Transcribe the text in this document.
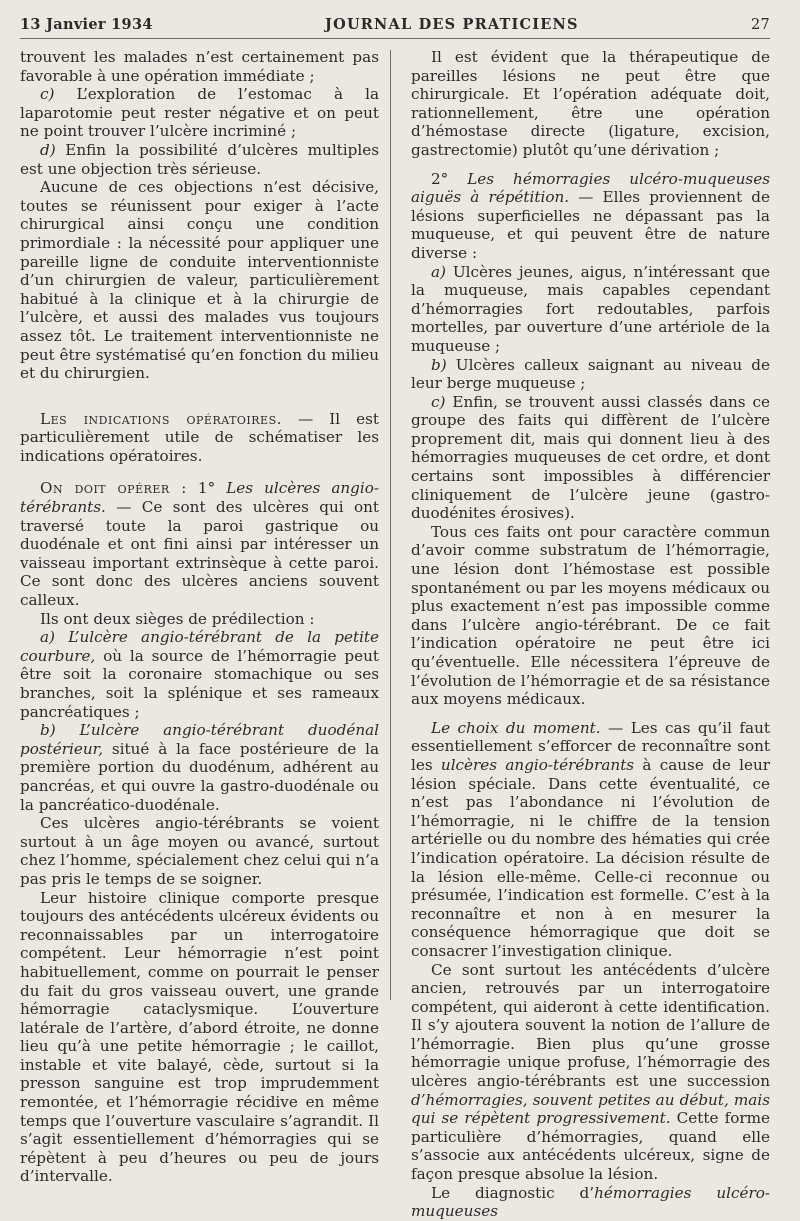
13 Janvier 1934	JOURNAL DES PRATICIENS	27

trouvent les malades n’est certainement pas favorable à une opération immédiate ;

c) L’exploration de l’estomac à la laparotomie peut rester négative et on peut ne point trouver l’ulcère incriminé ;

d) Enfin la possibilité d’ulcères multiples est une objection très sérieuse.

Aucune de ces objections n’est décisive, toutes se réunissent pour exiger à l’acte chirurgical ainsi conçu une condition primordiale : la nécessité pour appliquer une pareille ligne de conduite interventionniste d’un chirurgien de valeur, particulièrement habitué à la clinique et à la chirurgie de l’ulcère, et aussi des malades vus toujours assez tôt. Le traitement interventionniste ne peut être systématisé qu’en fonction du milieu et du chirurgien.

Les indications opératoires. — Il est particulièrement utile de schématiser les indications opératoires.

On doit opérer : 1° Les ulcères angio-térébrants. — Ce sont des ulcères qui ont traversé toute la paroi gastrique ou duodénale et ont fini ainsi par intéresser un vaisseau important extrinsèque à cette paroi. Ce sont donc des ulcères anciens souvent calleux.

Ils ont deux sièges de prédilection :

a) L’ulcère angio-térébrant de la petite courbure, où la source de l’hémorragie peut être soit la coronaire stomachique ou ses branches, soit la splénique et ses rameaux pancréatiques ;

b) L’ulcère angio-térébrant duodénal postérieur, situé à la face postérieure de la première portion du duodénum, adhérent au pancréas, et qui ouvre la gastro-duodénale ou la pancréatico-duodénale.

Ces ulcères angio-térébrants se voient surtout à un âge moyen ou avancé, surtout chez l’homme, spécialement chez celui qui n’a pas pris le temps de se soigner.

Leur histoire clinique comporte presque toujours des antécédents ulcéreux évidents ou reconnaissables par un interrogatoire compétent. Leur hémorragie n’est point habituellement, comme on pourrait le penser du fait du gros vaisseau ouvert, une grande hémorragie cataclysmique. L’ouverture latérale de l’artère, d’abord étroite, ne donne lieu qu’à une petite hémorragie ; le caillot, instable et vite balayé, cède, surtout si la presson sanguine est trop imprudemment remontée, et l’hémorragie récidive en même temps que l’ouverture vasculaire s’agrandit. Il s’agit essentiellement d’hémorragies qui se répètent à peu d’heures ou peu de jours d’intervalle.

Il est évident que la thérapeutique de pareilles lésions ne peut être que chirurgicale. Et l’opération adéquate doit, rationnellement, être une opération d’hémostase directe (ligature, excision, gastrectomie) plutôt qu’une dérivation ;

2° Les hémorragies ulcéro-muqueuses aiguës à répétition. — Elles proviennent de lésions superficielles ne dépassant pas la muqueuse, et qui peuvent être de nature diverse :

a) Ulcères jeunes, aigus, n’intéressant que la muqueuse, mais capables cependant d’hémorragies fort redoutables, parfois mortelles, par ouverture d’une artériole de la muqueuse ;

b) Ulcères calleux saignant au niveau de leur berge muqueuse ;

c) Enfin, se trouvent aussi classés dans ce groupe des faits qui diffèrent de l’ulcère proprement dit, mais qui donnent lieu à des hémorragies muqueuses de cet ordre, et dont certains sont impossibles à différencier cliniquement de l’ulcère jeune (gastro-duodénites érosives).

Tous ces faits ont pour caractère commun d’avoir comme substratum de l’hémorragie, une lésion dont l’hémostase est possible spontanément ou par les moyens médicaux ou plus exactement n’est pas impossible comme dans l’ulcère angio-térébrant. De ce fait l’indication opératoire ne peut être ici qu’éventuelle. Elle nécessitera l’épreuve de l’évolution de l’hémorragie et de sa résistance aux moyens médicaux.

Le choix du moment. — Les cas qu’il faut essentiellement s’efforcer de reconnaître sont les ulcères angio-térébrants à cause de leur lésion spéciale. Dans cette éventualité, ce n’est pas l’abondance ni l’évolution de l’hémorragie, ni le chiffre de la tension artérielle ou du nombre des hématies qui crée l’indication opératoire. La décision résulte de la lésion elle-même. Celle-ci reconnue ou présumée, l’indication est formelle. C’est à la reconnaître et non à en mesurer la conséquence hémorragique que doit se consacrer l’investigation clinique.

Ce sont surtout les antécédents d’ulcère ancien, retrouvés par un interrogatoire compétent, qui aideront à cette identification. Il s’y ajoutera souvent la notion de l’allure de l’hémorragie. Bien plus qu’une grosse hémorragie unique profuse, l’hémorragie des ulcères angio-térébrants est une succession d’hémorragies, souvent petites au début, mais qui se répètent progressivement. Cette forme particulière d’hémorragies, quand elle s’associe aux antécédents ulcéreux, signe de façon presque absolue la lésion.

Le diagnostic d’hémorragies ulcéro-muqueuses
